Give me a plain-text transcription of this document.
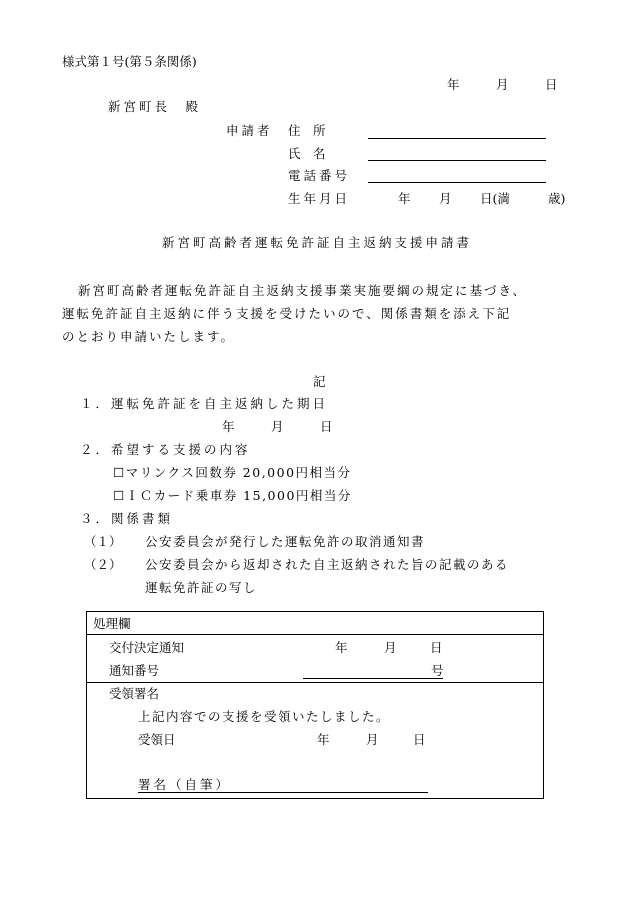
様式第１号(第５条関係)
年	月	日
新宮町長　殿
申請者 住　所
氏　名
電話番号
生年月日	年 月 日(満	歳)
新宮町高齢者運転免許証自主返納支援申請書
新宮町高齢者運転免許証自主返納支援事業実施要綱の規定に基づき、
運転免許証自主返納に伴う支援を受けたいので、関係書類を添え下記
のとおり申請いたします。
記
１．運転免許証を自主返納した期日
年	月	日
２．希望する支援の内容
☐マリンクス回数券 20,000円相当分
☐ＩＣカード乗車券 15,000円相当分
３．関係書類
（１） 公安委員会が発行した運転免許の取消通知書
（２） 公安委員会から返却された自主返納された旨の記載のある
運転免許証の写し
処理欄
交付決定通知	年	月	日
通知番号	号
受領署名
上記内容での支援を受領いたしました。
受領日	年	月	日
署名（自筆）
